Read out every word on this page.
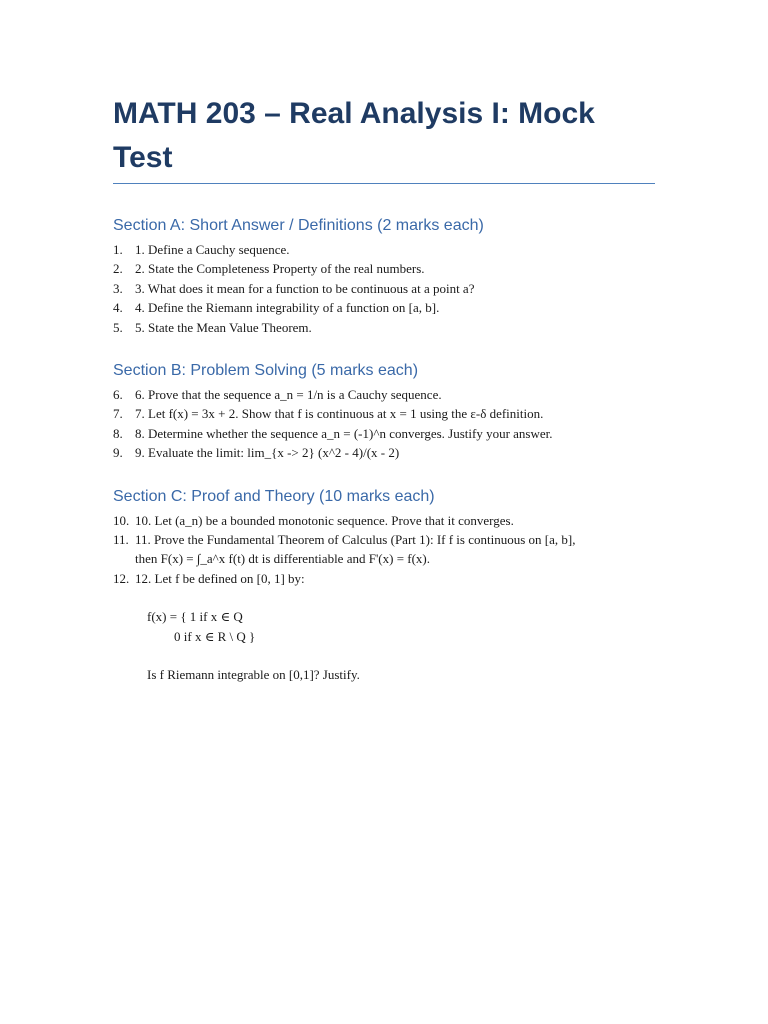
MATH 203 – Real Analysis I: Mock Test
Section A: Short Answer / Definitions (2 marks each)
1. 1. Define a Cauchy sequence.
2. 2. State the Completeness Property of the real numbers.
3. 3. What does it mean for a function to be continuous at a point a?
4. 4. Define the Riemann integrability of a function on [a, b].
5. 5. State the Mean Value Theorem.
Section B: Problem Solving (5 marks each)
6. 6. Prove that the sequence a_n = 1/n is a Cauchy sequence.
7. 7. Let f(x) = 3x + 2. Show that f is continuous at x = 1 using the ε-δ definition.
8. 8. Determine whether the sequence a_n = (-1)^n converges. Justify your answer.
9. 9. Evaluate the limit: lim_{x -> 2} (x^2 - 4)/(x - 2)
Section C: Proof and Theory (10 marks each)
10. 10. Let (a_n) be a bounded monotonic sequence. Prove that it converges.
11. 11. Prove the Fundamental Theorem of Calculus (Part 1): If f is continuous on [a, b],
then F(x) = ∫_a^x f(t) dt is differentiable and F'(x) = f(x).
12. 12. Let f be defined on [0, 1] by:
f(x) = { 1 if x ∈ Q
0 if x ∈ R \ Q }
Is f Riemann integrable on [0,1]? Justify.
